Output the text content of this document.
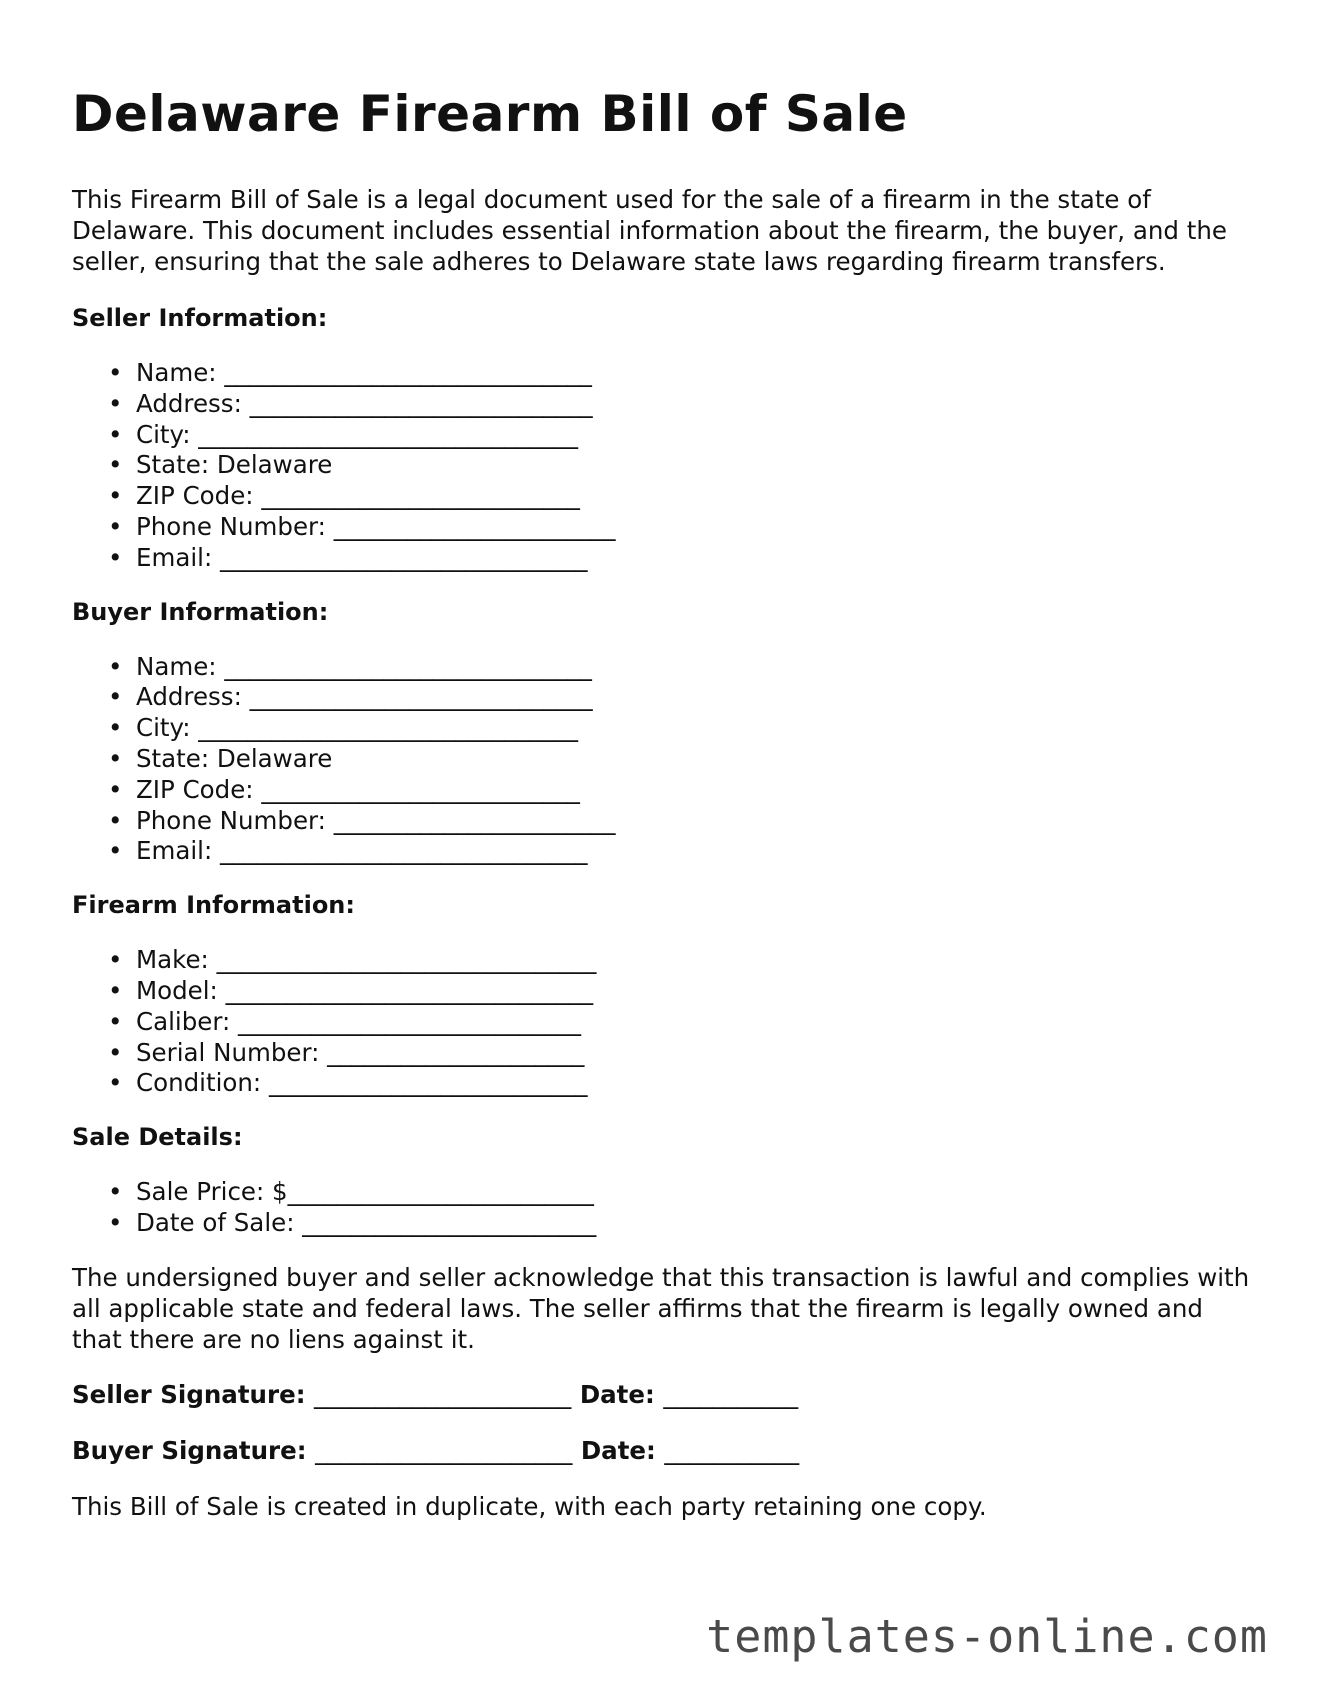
Delaware Firearm Bill of Sale

This Firearm Bill of Sale is a legal document used for the sale of a firearm in the state of Delaware. This document includes essential information about the firearm, the buyer, and the seller, ensuring that the sale adheres to Delaware state laws regarding firearm transfers.

Seller Information:
• Name: ______________________________
• Address: ____________________________
• City: _______________________________
• State: Delaware
• ZIP Code: __________________________
• Phone Number: _______________________
• Email: ______________________________
Buyer Information:
• Name: ______________________________
• Address: ____________________________
• City: _______________________________
• State: Delaware
• ZIP Code: __________________________
• Phone Number: _______________________
• Email: ______________________________
Firearm Information:
• Make: _______________________________
• Model: ______________________________
• Caliber: ____________________________
• Serial Number: _____________________
• Condition: __________________________
Sale Details:
• Sale Price: $_________________________
• Date of Sale: ________________________

The undersigned buyer and seller acknowledge that this transaction is lawful and complies with all applicable state and federal laws. The seller affirms that the firearm is legally owned and that there are no liens against it.

Seller Signature: _____________________ Date: ___________
Buyer Signature: _____________________ Date: ___________

This Bill of Sale is created in duplicate, with each party retaining one copy.

templates-online.com
